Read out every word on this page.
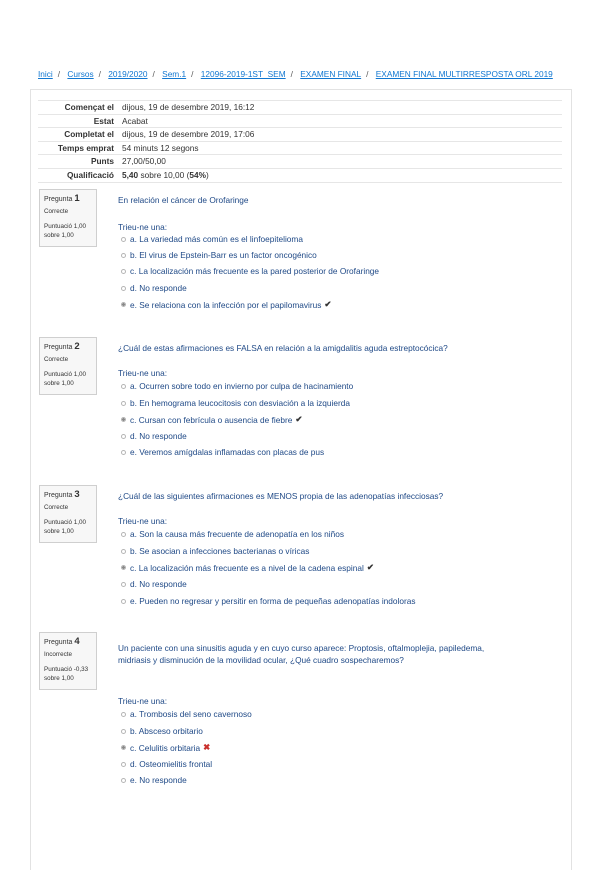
Inici / Cursos / 2019/2020 / Sem.1 / 12096-2019-1ST_SEM / EXAMEN FINAL / EXAMEN FINAL MULTIRRESPOSTA ORL 2019
Començat el	dijous, 19 de desembre 2019, 16:12
Estat	Acabat
Completat el	dijous, 19 de desembre 2019, 17:06
Temps emprat	54 minuts 12 segons
Punts	27,00/50,00
Qualificació	5,40 sobre 10,00 (54%)
Pregunta 1
Correcte
Puntuació 1,00
sobre 1,00
En relación el cáncer de Orofaringe
Trieu-ne una:
a. La variedad más común es el linfoepitelioma
b. El virus de Epstein-Barr es un factor oncogénico
c. La localización más frecuente es la pared posterior de Orofaringe
d. No responde
e. Se relaciona con la infección por el papilomavirus ✔
Pregunta 2
Correcte
Puntuació 1,00
sobre 1,00
¿Cuál de estas afirmaciones es FALSA en relación a la amigdalitis aguda estreptocócica?
Trieu-ne una:
a. Ocurren sobre todo en invierno por culpa de hacinamiento
b. En hemograma leucocitosis con desviación a la izquierda
c. Cursan con febrícula o ausencia de fiebre ✔
d. No responde
e. Veremos amígdalas inflamadas con placas de pus
Pregunta 3
Correcte
Puntuació 1,00
sobre 1,00
¿Cuál de las siguientes afirmaciones es MENOS propia de las adenopatías infecciosas?
Trieu-ne una:
a. Son la causa más frecuente de adenopatía en los niños
b. Se asocian a infecciones bacterianas o víricas
c. La localización más frecuente es a nivel de la cadena espinal ✔
d. No responde
e. Pueden no regresar y persitir en forma de pequeñas adenopatías indoloras
Pregunta 4
Incorrecte
Puntuació -0,33
sobre 1,00
Un paciente con una sinusitis aguda y en cuyo curso aparece: Proptosis, oftalmoplejia, papiledema, midriasis y disminución de la movilidad ocular, ¿Qué cuadro sospecharemos?
Trieu-ne una:
a. Trombosis del seno cavernoso
b. Absceso orbitario
c. Celulitis orbitaria ✖
d. Osteomielitis frontal
e. No responde
